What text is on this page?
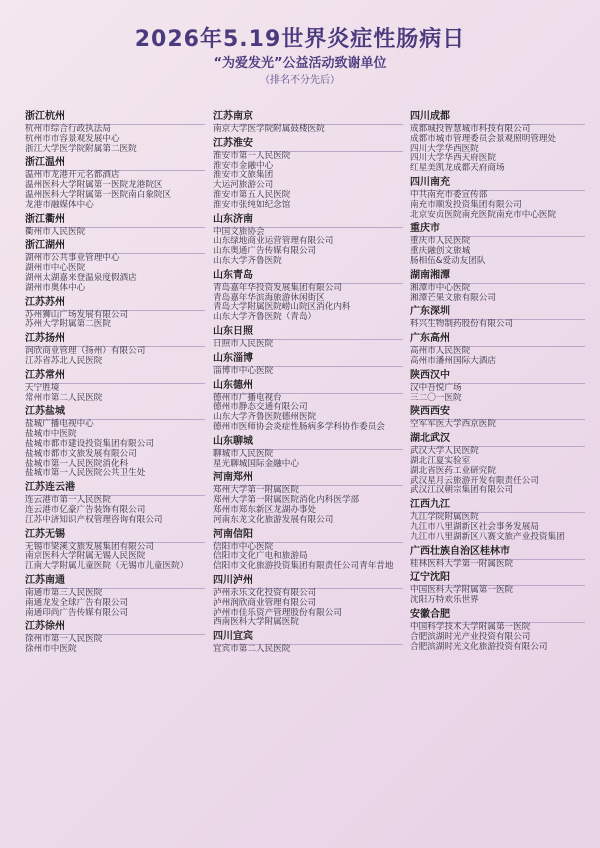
2026年5.19世界炎症性肠病日
“为爱发光”公益活动致谢单位
（排名不分先后）
浙江杭州
杭州市综合行政执法局
杭州市市容景观发展中心
浙江大学医学院附属第二医院
浙江温州
温州市龙港开元名都酒店
温州医科大学附属第一医院龙港院区
温州医科大学附属第一医院南白象院区
龙港市融媒体中心
浙江衢州
衢州市人民医院
浙江湖州
湖州市公共事业管理中心
湖州市中心医院
湖州太湖嘉来登温泉度假酒店
湖州市奥体中心
江苏苏州
苏州狮山广场发展有限公司
苏州大学附属第二医院
江苏扬州
润欣商业管理（扬州）有限公司
江苏省苏北人民医院
江苏常州
天宁胜境
常州市第二人民医院
江苏盐城
盐城广播电视中心
盐城市中医院
盐城市都市建设投资集团有限公司
盐城市都市文旅发展有限公司
盐城市第一人民医院消化科
盐城市第一人民医院公共卫生处
江苏连云港
连云港市第一人民医院
连云港市亿豪广告装饰有限公司
江苏中济知识产权管理咨询有限公司
江苏无锡
无锡市梁溪文旅发展集团有限公司
南京医科大学附属无锡人民医院
江南大学附属儿童医院（无锡市儿童医院）
江苏南通
南通市第三人民医院
南通龙发全球广告有限公司
南通印尚广告传媒有限公司
江苏徐州
徐州市第一人民医院
徐州市中医院
江苏南京
南京大学医学院附属鼓楼医院
江苏淮安
淮安市第一人民医院
淮安市金融中心
淮安市文旅集团
大运河旅游公司
淮安市第五人民医院
淮安市张纯如纪念馆
山东济南
中国文旅协会
山东绿地商业运营管理有限公司
山东奥通广告传媒有限公司
山东大学齐鲁医院
山东青岛
青岛嘉年华投资发展集团有限公司
青岛嘉年华滨海旅游休闲街区
青岛大学附属医院崂山院区消化内科
山东大学齐鲁医院（青岛）
山东日照
日照市人民医院
山东淄博
淄博市中心医院
山东德州
德州市广播电视台
德州市静态交通有限公司
山东大学齐鲁医院德州医院
德州市医师协会炎症性肠病多学科协作委员会
山东聊城
聊城市人民医院
星光聊城国际金融中心
河南郑州
郑州大学第一附属医院
郑州大学第一附属医院消化内科医学部
郑州市郑东新区龙湖办事处
河南东龙文化旅游发展有限公司
河南信阳
信阳市中心医院
信阳市文化广电和旅游局
信阳市文化旅游投资集团有限责任公司青年昔地
四川泸州
泸州永乐文化投资有限公司
泸州润欣商业管理有限公司
泸州市佳乐资产管理股份有限公司
西南医科大学附属医院
四川宜宾
宜宾市第二人民医院
四川成都
成都城投智慧城市科技有限公司
成都市城市管理委员会景观照明管理处
四川大学华西医院
四川大学华西天府医院
红星美凯龙成都天府商场
四川南充
中共南充市委宣传部
南充市顺发投资集团有限公司
北京安贞医院南充医院南充市中心医院
重庆市
重庆市人民医院
重庆融创文旅城
肠相伍&爱动友团队
湖南湘潭
湘潭市中心医院
湘潭芒果文旅有限公司
广东深圳
科兴生物制药股份有限公司
广东高州
高州市人民医院
高州市潘州国际大酒店
陕西汉中
汉中吾悦广场
三二〇一医院
陕西西安
空军军医大学西京医院
湖北武汉
武汉大学人民医院
湖北江夏实验室
湖北省医药工业研究院
武汉星月云旅游开发有限责任公司
武汉江汉朝宗集团有限公司
江西九江
九江学院附属医院
九江市八里湖新区社会事务发展局
九江市八里湖新区八赛文旅产业投资集团
广西壮族自治区桂林市
桂林医科大学第一附属医院
辽宁沈阳
中国医科大学附属第一医院
沈阳万特欢乐世界
安徽合肥
中国科学技术大学附属第一医院
合肥滨湖时光产业投资有限公司
合肥滨湖时光文化旅游投资有限公司
